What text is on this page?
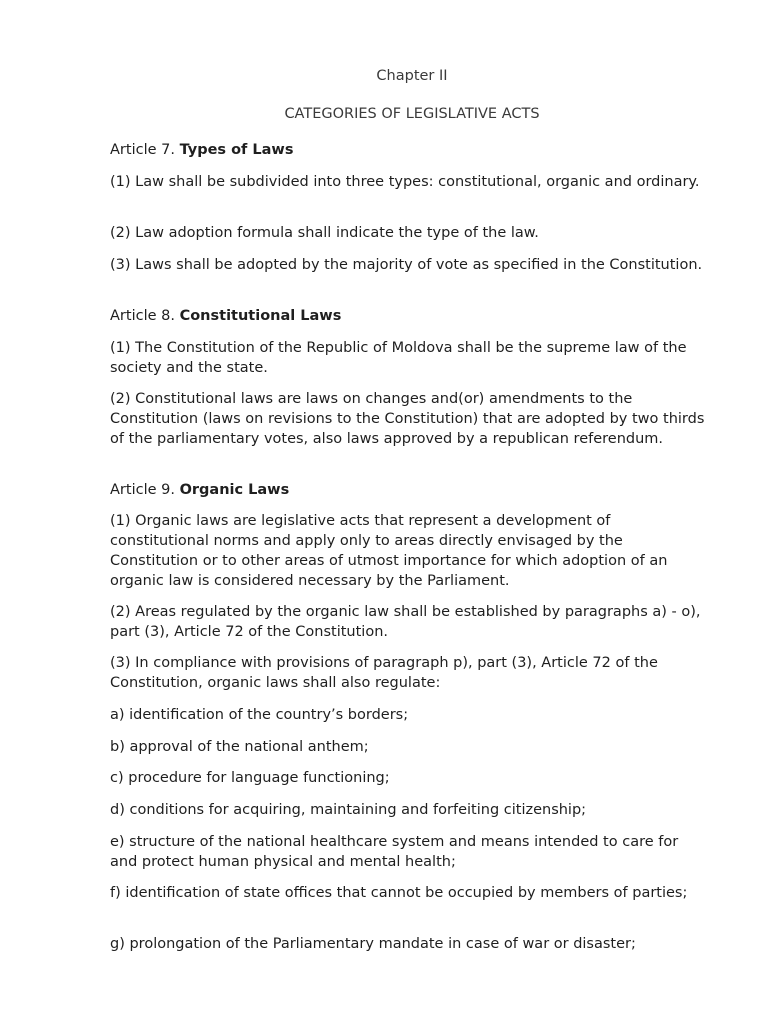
Chapter II

CATEGORIES OF LEGISLATIVE ACTS

Article 7. Types of Laws

(1) Law shall be subdivided into three types: constitutional, organic and ordinary.

(2) Law adoption formula shall indicate the type of the law.

(3) Laws shall be adopted by the majority of vote as specified in the Constitution.

Article 8. Constitutional Laws

(1) The Constitution of the Republic of Moldova shall be the supreme law of the society and the state.

(2) Constitutional laws are laws on changes and(or) amendments to the Constitution (laws on revisions to the Constitution) that are adopted by two thirds of the parliamentary votes, also laws approved by a republican referendum.

Article 9. Organic Laws

(1) Organic laws are legislative acts that represent a development of constitutional norms and apply only to areas directly envisaged by the Constitution or to other areas of utmost importance for which adoption of an organic law is considered necessary by the Parliament.

(2) Areas regulated by the organic law shall be established by paragraphs a) - o), part (3), Article 72 of the Constitution.

(3) In compliance with provisions of paragraph p), part (3), Article 72 of the Constitution, organic laws shall also regulate:

a) identification of the country’s borders;

b) approval of the national anthem;

c) procedure for language functioning;

d) conditions for acquiring, maintaining and forfeiting citizenship;

e) structure of the national healthcare system and means intended to care for and protect human physical and mental health;

f) identification of state offices that cannot be occupied by members of parties;

g) prolongation of the Parliamentary mandate in case of war or disaster;
